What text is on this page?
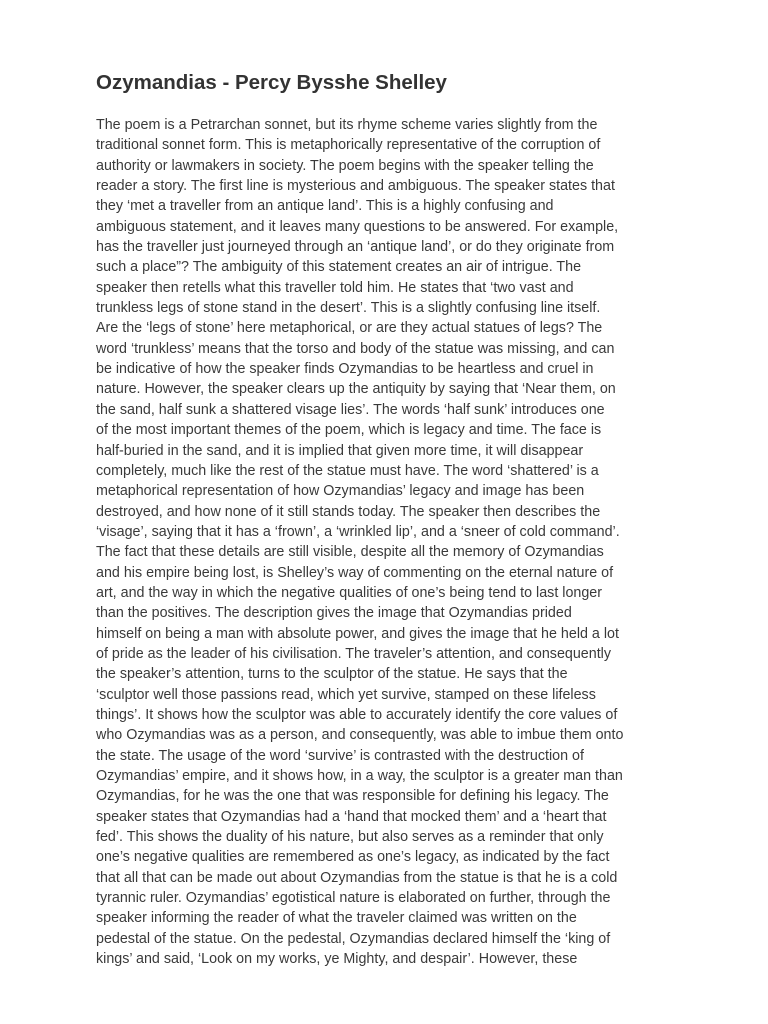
Ozymandias - Percy Bysshe Shelley
The poem is a Petrarchan sonnet, but its rhyme scheme varies slightly from the
traditional sonnet form. This is metaphorically representative of the corruption of
authority or lawmakers in society. The poem begins with the speaker telling the
reader a story. The first line is mysterious and ambiguous. The speaker states that
they ‘met a traveller from an antique land’. This is a highly confusing and
ambiguous statement, and it leaves many questions to be answered. For example,
has the traveller just journeyed through an ‘antique land’, or do they originate from
such a place”? The ambiguity of this statement creates an air of intrigue. The
speaker then retells what this traveller told him. He states that ‘two vast and
trunkless legs of stone stand in the desert’. This is a slightly confusing line itself.
Are the ‘legs of stone’ here metaphorical, or are they actual statues of legs? The
word ‘trunkless’ means that the torso and body of the statue was missing, and can
be indicative of how the speaker finds Ozymandias to be heartless and cruel in
nature. However, the speaker clears up the antiquity by saying that ‘Near them, on
the sand, half sunk a shattered visage lies’. The words ‘half sunk’ introduces one
of the most important themes of the poem, which is legacy and time. The face is
half-buried in the sand, and it is implied that given more time, it will disappear
completely, much like the rest of the statue must have. The word ‘shattered’ is a
metaphorical representation of how Ozymandias’ legacy and image has been
destroyed, and how none of it still stands today. The speaker then describes the
‘visage’, saying that it has a ‘frown’, a ‘wrinkled lip’, and a ‘sneer of cold command’.
The fact that these details are still visible, despite all the memory of Ozymandias
and his empire being lost, is Shelley’s way of commenting on the eternal nature of
art, and the way in which the negative qualities of one’s being tend to last longer
than the positives. The description gives the image that Ozymandias prided
himself on being a man with absolute power, and gives the image that he held a lot
of pride as the leader of his civilisation. The traveler’s attention, and consequently
the speaker’s attention, turns to the sculptor of the statue. He says that the
‘sculptor well those passions read, which yet survive, stamped on these lifeless
things’. It shows how the sculptor was able to accurately identify the core values of
who Ozymandias was as a person, and consequently, was able to imbue them onto
the state. The usage of the word ‘survive’ is contrasted with the destruction of
Ozymandias’ empire, and it shows how, in a way, the sculptor is a greater man than
Ozymandias, for he was the one that was responsible for defining his legacy. The
speaker states that Ozymandias had a ‘hand that mocked them’ and a ‘heart that
fed’. This shows the duality of his nature, but also serves as a reminder that only
one’s negative qualities are remembered as one’s legacy, as indicated by the fact
that all that can be made out about Ozymandias from the statue is that he is a cold
tyrannic ruler. Ozymandias’ egotistical nature is elaborated on further, through the
speaker informing the reader of what the traveler claimed was written on the
pedestal of the statue. On the pedestal, Ozymandias declared himself the ‘king of
kings’ and said, ‘Look on my works, ye Mighty, and despair’. However, these
